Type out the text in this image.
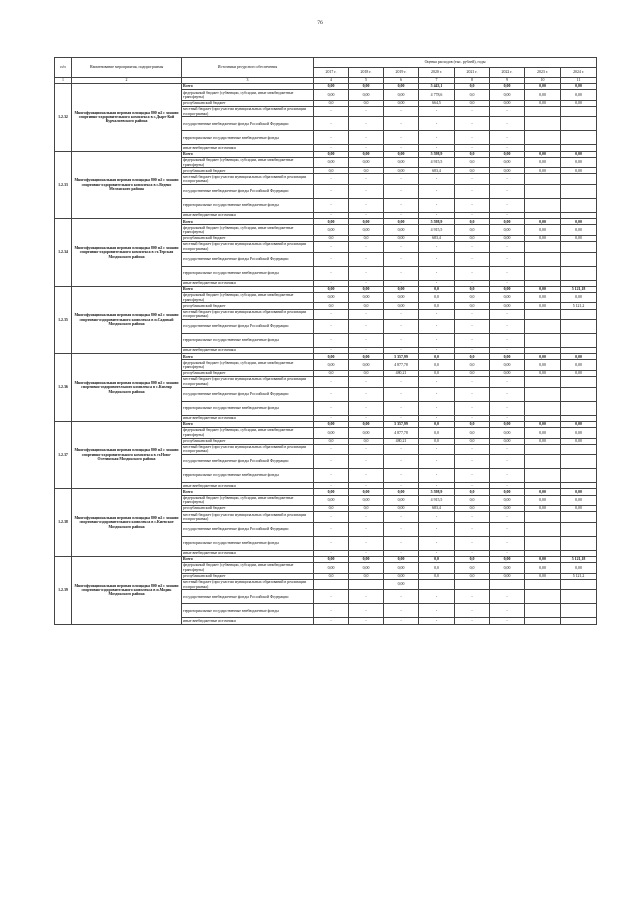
76
п/п	Наименование мероприятия, подпрограммы	Источники ресурсного обеспечения	Оценка расходов (тыс. рублей), годы							
			2017 г.	2018 г.	2019 г.	2020 г.	2021 г.	2022 г.	2023 г.	2024 г.
1	2	3	4	5	6	7	8	9	10	11
1.2.32	Многофункциональная игровая площадка 800 м2 с зонами спортивно-оздоровительного комплекса в с.Дырт-Кой Курчалоевского района	Всего	0,00	0,00	0,00	5 443,1	0,0	0,00	0,00	0,00
		федеральный бюджет (субвенции, субсидии, иные межбюджетные трансферты)	0,00	0,00	0,00	4 778,6	0,0	0,00	0,00	0,00
		республиканский бюджет	0,0	0,0	0,00	664,5	0,0	0,00	0,00	0,00
		местный бюджет (при участии муниципальных образований в реализации госпрограммы)	-	-	-	-	-	-		
		государственные внебюджетные фонды Российской Федерации	-	-	-	-	-	-		
		территориальные государственные внебюджетные фонды	-	-	-	-	-	-		
		иные внебюджетные источники	-	-	-	-	-	-		
1.2.33	Многофункциональная игровая площадка 800 м2 с зонами спортивно-оздоровительного комплекса в с.Ведено Мелхнского района	Всего	0,00	0,00	0,00	5 598,9	0,0	0,00	0,00	0,00
		федеральный бюджет (субвенции, субсидии, иные межбюджетные трансферты)	0,00	0,00	0,00	4 915,5	0,0	0,00	0,00	0,00
		республиканский бюджет	0,0	0,0	0,00	683,4	0,0	0,00	0,00	0,00
		местный бюджет (при участии муниципальных образований в реализации госпрограммы)	-	-	-	-	-	-		
		государственные внебюджетные фонды Российской Федерации	-	-	-	-	-	-		
		территориальные государственные внебюджетные фонды	-	-	-	-	-	-		
		иные внебюджетные источники	-	-	-	-	-	-		
1.2.34	Многофункциональная игровая площадка 800 м2 с зонами спортивно-оздоровительного комплекса в ст.Терская Моздокского района	Всего	0,00	0,00	0,00	5 598,9	0,0	0,00	0,00	0,00
		федеральный бюджет (субвенции, субсидии, иные межбюджетные трансферты)	0,00	0,00	0,00	4 915,5	0,0	0,00	0,00	0,00
		республиканский бюджет	0,0	0,0	0,00	683,4	0,0	0,00	0,00	0,00
		местный бюджет (при участии муниципальных образований в реализации госпрограммы)	-	-	-	-	-	-		
		государственные внебюджетные фонды Российской Федерации	-	-	-	-	-	-		
		территориальные государственные внебюджетные фонды	-	-	-	-	-	-		
		иные внебюджетные источники	-	-	-	-	-	-		
1.2.35	Многофункциональная игровая площадка 800 м2 с зонами спортивно-оздоровительного комплекса в п.Садовый Моздокского района	Всего	0,00	0,00	0,00	0,0	0,0	0,00	0,00	5 121,18
		федеральный бюджет (субвенции, субсидии, иные межбюджетные трансферты)	0,00	0,00	0,00	0,0	0,0	0,00	0,00	0,00
		республиканский бюджет	0,0	0,0	0,00	0,0	0,0	0,00	0,00	5 121,2
		местный бюджет (при участии муниципальных образований в реализации госпрограммы)	-	-	-	-	-	-		
		государственные внебюджетные фонды Российской Федерации	-	-	-	-	-	-		
		территориальные государственные внебюджетные фонды	-	-	-	-	-	-		
		иные внебюджетные источники	-	-	-	-	-	-		
1.2.36	Многофункциональная игровая площадка 800 м2 с зонами спортивно-оздоровительного комплекса в с.Кизляр Моздокского района	Всего	0,00	0,00	5 357,99	0,0	0,0	0,00	0,00	0,00
		федеральный бюджет (субвенции, субсидии, иные межбюджетные трансферты)	0,00	0,00	4 877,78	0,0	0,0	0,00	0,00	0,00
		республиканский бюджет	0,0	0,0	480,21	0,0	0,0	0,00	0,00	0,00
		местный бюджет (при участии муниципальных образований в реализации госпрограммы)	-	-	-	-	-	-		
		государственные внебюджетные фонды Российской Федерации	-	-	-	-	-	-		
		территориальные государственные внебюджетные фонды	-	-	-	-	-	-		
		иные внебюджетные источники	-	-	-	-	-	-		
1.2.37	Многофункциональная игровая площадка 800 м2 с зонами спортивно-оздоровительного комплекса в ст.Ново-Осетинская Моздокского района	Всего	0,00	0,00	5 357,99	0,0	0,0	0,00	0,00	0,00
		федеральный бюджет (субвенции, субсидии, иные межбюджетные трансферты)	0,00	0,00	4 877,78	0,0	0,0	0,00	0,00	0,00
		республиканский бюджет	0,0	0,0	480,21	0,0	0,0	0,00	0,00	0,00
		местный бюджет (при участии муниципальных образований в реализации госпрограммы)	-	-	-	-	-	-		
		государственные внебюджетные фонды Российской Федерации	-	-	-	-	-	-		
		территориальные государственные внебюджетные фонды	-	-	-	-	-	-		
		иные внебюджетные источники	-	-	-	-	-	-		
1.2.38	Многофункциональная игровая площадка 800 м2 с зонами спортивно-оздоровительного комплекса в с.Киевское Моздокского района	Всего	0,00	0,00	0,00	5 598,9	0,0	0,00	0,00	0,00
		федеральный бюджет (субвенции, субсидии, иные межбюджетные трансферты)	0,00	0,00	0,00	4 915,5	0,0	0,00	0,00	0,00
		республиканский бюджет	0,0	0,0	0,00	683,4	0,0	0,00	0,00	0,00
		местный бюджет (при участии муниципальных образований в реализации госпрограммы)	-	-	-	-	-	-		
		государственные внебюджетные фонды Российской Федерации	-	-	-	-	-	-		
		территориальные государственные внебюджетные фонды	-	-	-	-	-	-		
		иные внебюджетные источники	-	-	-	-	-	-		
1.2.39	Многофункциональная игровая площадка 800 м2 с зонами спортивно-оздоровительного комплекса в п.Модик Моздокского района	Всего	0,00	0,00	0,00	0,0	0,0	0,00	0,00	5 121,18
		федеральный бюджет (субвенции, субсидии, иные межбюджетные трансферты)	0,00	0,00	0,00	0,0	0,0	0,00	0,00	0,00
		республиканский бюджет	0,0	0,0	0,00	0,0	0,0	0,00	0,00	5 121,2
		местный бюджет (при участии муниципальных образований в реализации госпрограммы)			0,00					
		государственные внебюджетные фонды Российской Федерации	-	-	-	-	-	-		
		территориальные государственные внебюджетные фонды	-	-	-	-	-	-		
		иные внебюджетные источники	-	-	-	-	-	-		
